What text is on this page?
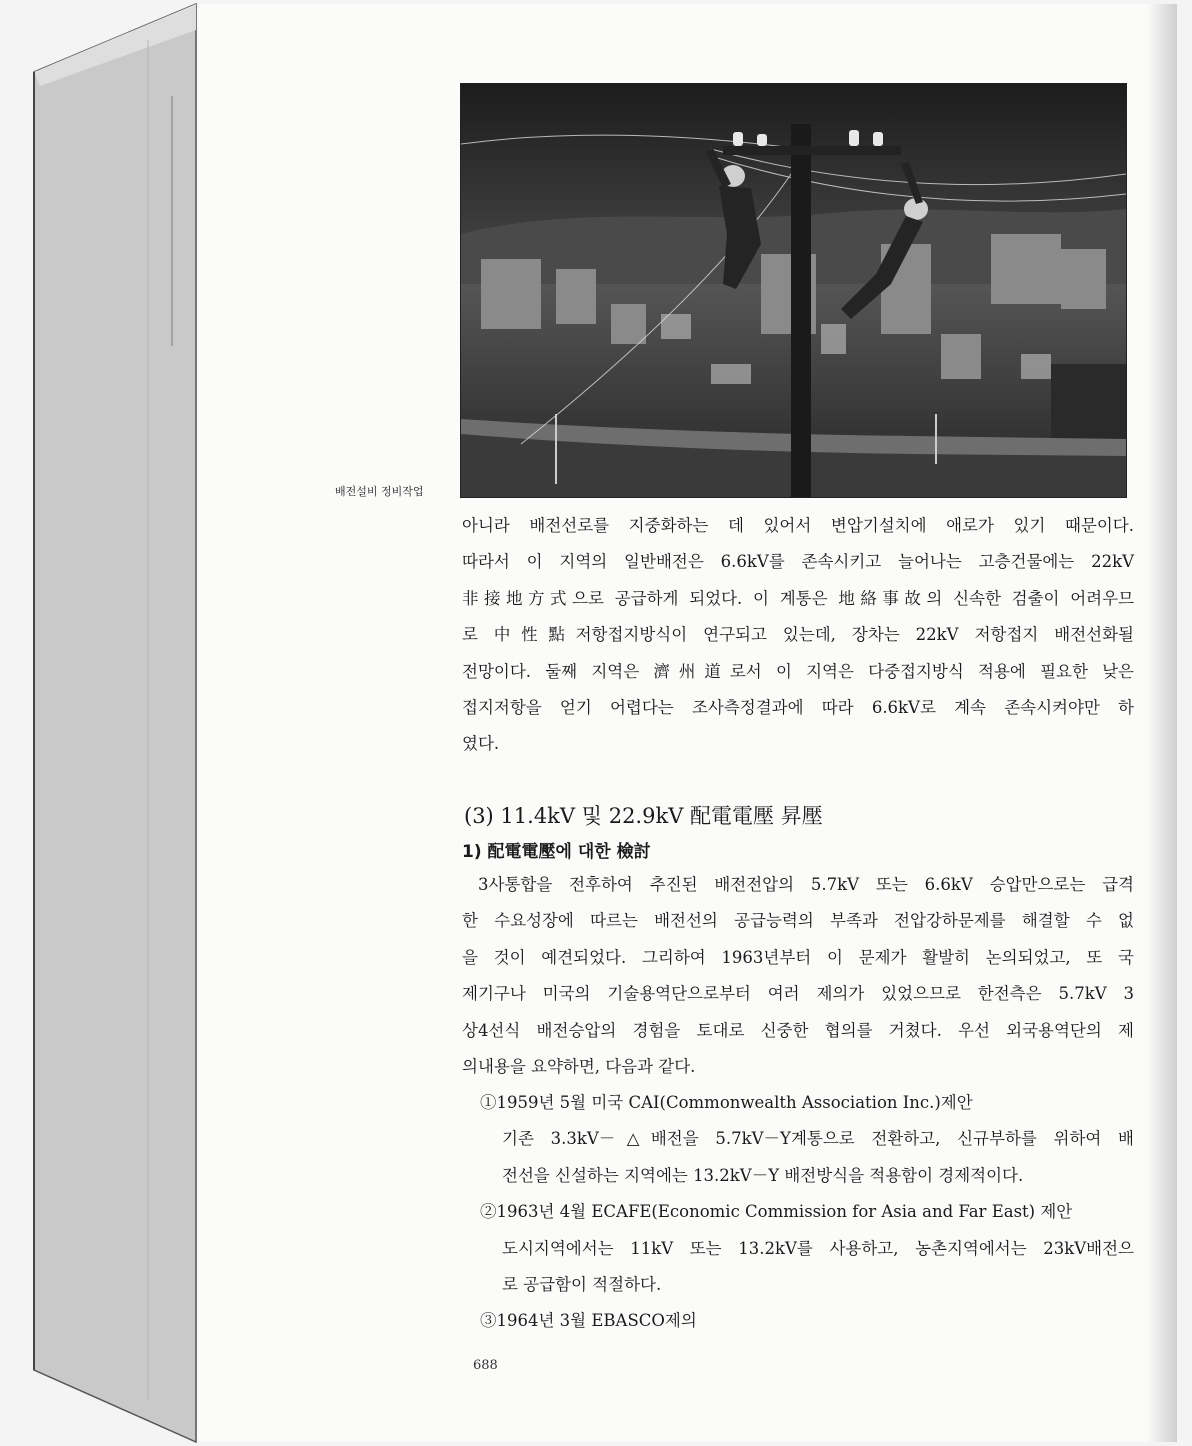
배전설비 정비작업
아니라 배전선로를 지중화하는 데 있어서 변압기설치에 애로가 있기 때문이다.
따라서 이 지역의 일반배전은 6.6kV를 존속시키고 늘어나는 고층건물에는 22kV
非接地方式으로 공급하게 되었다. 이 계통은 地絡事故의 신속한 검출이 어려우므
로 中性點저항접지방식이 연구되고 있는데, 장차는 22kV 저항접지 배전선화될
전망이다. 둘째 지역은 濟州道로서 이 지역은 다중접지방식 적용에 필요한 낮은
접지저항을 얻기 어렵다는 조사측정결과에 따라 6.6kV로 계속 존속시켜야만 하
였다.
(3) 11.4kV 및 22.9kV 配電電壓 昇壓
1) 配電電壓에 대한 檢討
3사통합을 전후하여 추진된 배전전압의 5.7kV 또는 6.6kV 승압만으로는 급격
한 수요성장에 따르는 배전선의 공급능력의 부족과 전압강하문제를 해결할 수 없
을 것이 예견되었다. 그리하여 1963년부터 이 문제가 활발히 논의되었고, 또 국
제기구나 미국의 기술용역단으로부터 여러 제의가 있었으므로 한전측은 5.7kV 3
상4선식 배전승압의 경험을 토대로 신중한 협의를 거쳤다. 우선 외국용역단의 제
의내용을 요약하면, 다음과 같다.
①1959년 5월 미국 CAI(Commonwealth Association Inc.)제안
기존 3.3kV－△배전을 5.7kV－Y계통으로 전환하고, 신규부하를 위하여 배
전선을 신설하는 지역에는 13.2kV－Y 배전방식을 적용함이 경제적이다.
②1963년 4월 ECAFE(Economic Commission for Asia and Far East) 제안
도시지역에서는 11kV 또는 13.2kV를 사용하고, 농촌지역에서는 23kV배전으
로 공급함이 적절하다.
③1964년 3월 EBASCO제의
688
